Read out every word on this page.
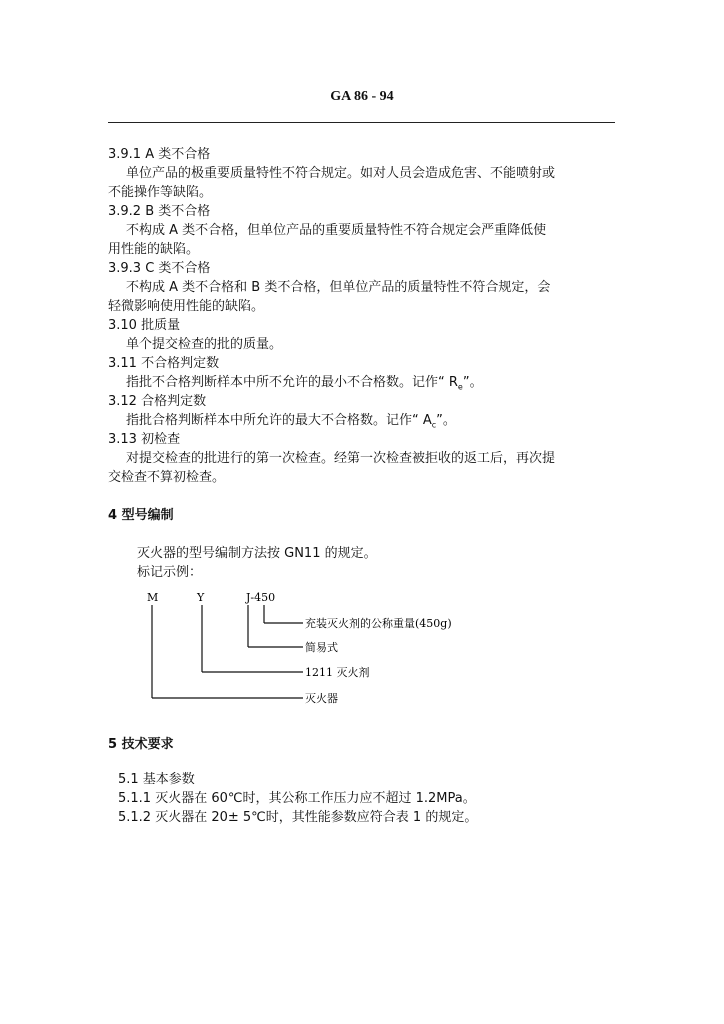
GA 86 - 94
3.9.1 A 类不合格
单位产品的极重要质量特性不符合规定。如对人员会造成危害、不能喷射或
不能操作等缺陷。
3.9.2 B 类不合格
不构成 A 类不合格，但单位产品的重要质量特性不符合规定会严重降低使
用性能的缺陷。
3.9.3 C 类不合格
不构成 A 类不合格和 B 类不合格，但单位产品的质量特性不符合规定，会
轻微影响使用性能的缺陷。
3.10 批质量
单个提交检查的批的质量。
3.11 不合格判定数
指批不合格判断样本中所不允许的最小不合格数。记作“ $R_e$”。
3.12 合格判定数
指批合格判断样本中所允许的最大不合格数。记作“ $A_c$”。
3.13 初检查
对提交检查的批进行的第一次检查。经第一次检查被拒收的返工后，再次提
交检查不算初检查。
4 型号编制
灭火器的型号编制方法按 GN11 的规定。
标记示例：
M	Y	J-450
充装灭火剂的公称重量(450g)
简易式
1211 灭火剂
灭火器
5 技术要求
5.1 基本参数
5.1.1 灭火器在 60℃时，其公称工作压力应不超过 1.2MPa。
5.1.2 灭火器在 20± 5℃时，其性能参数应符合表 1 的规定。
